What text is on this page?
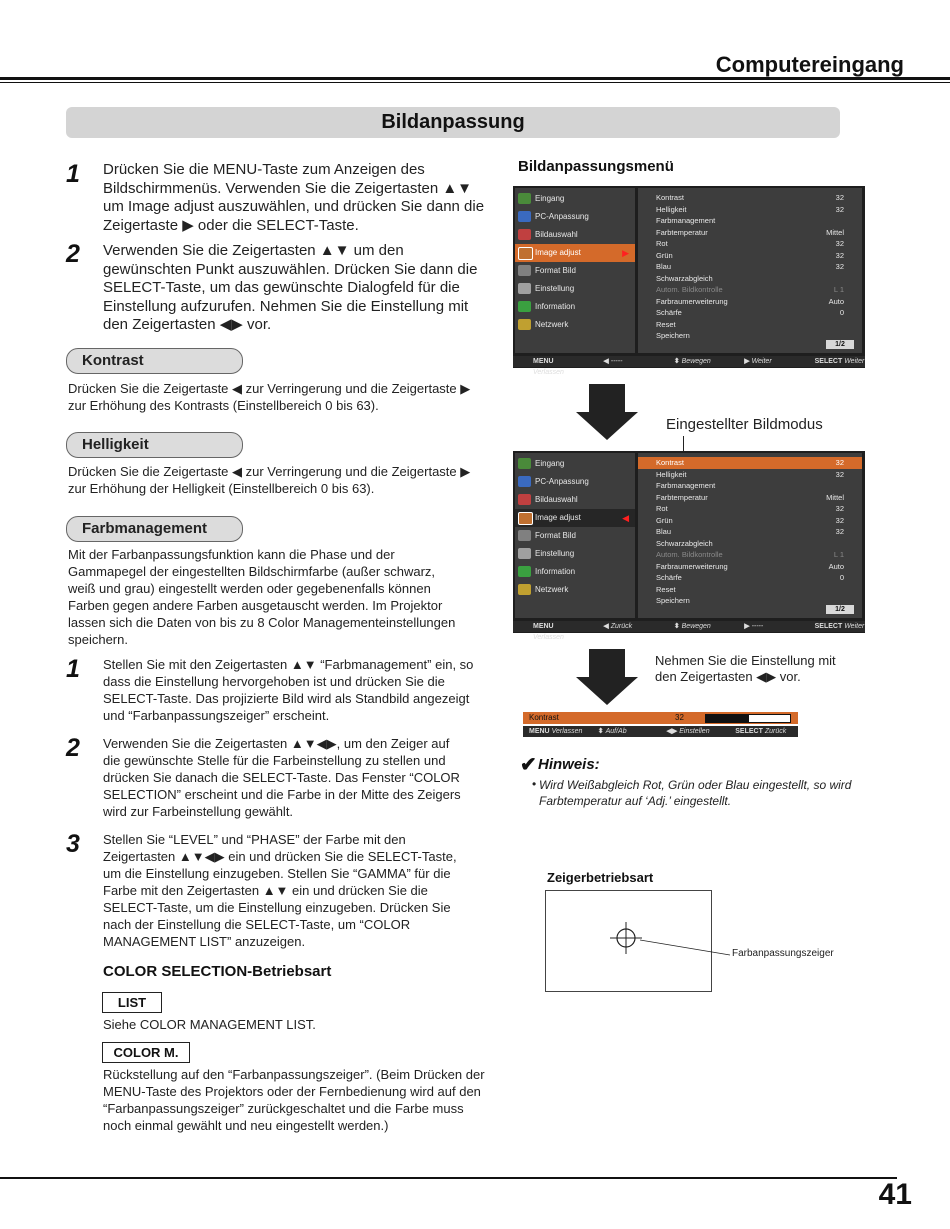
Computereingang
Bildanpassung
1 Drücken Sie die MENU-Taste zum Anzeigen des Bildschirmmenüs. Verwenden Sie die Zeigertasten ▲▼ um Image adjust auszuwählen, und drücken Sie dann die Zeigertaste ▶ oder die SELECT-Taste.
2 Verwenden Sie die Zeigertasten ▲▼ um den gewünschten Punkt auszuwählen. Drücken Sie dann die SELECT-Taste, um das gewünschte Dialogfeld für die Einstellung aufzurufen. Nehmen Sie die Einstellung mit den Zeigertasten ◀▶ vor.
Kontrast
Drücken Sie die Zeigertaste ◀ zur Verringerung und die Zeigertaste ▶ zur Erhöhung des Kontrasts (Einstellbereich 0 bis 63).
Helligkeit
Drücken Sie die Zeigertaste ◀ zur Verringerung und die Zeigertaste ▶ zur Erhöhung der Helligkeit (Einstellbereich 0 bis 63).
Farbmanagement
Mit der Farbanpassungsfunktion kann die Phase und der Gammapegel der eingestellten Bildschirmfarbe (außer schwarz, weiß und grau) eingestellt werden oder gegebenenfalls können Farben gegen andere Farben ausgetauscht werden. Im Projektor lassen sich die Daten von bis zu 8 Color Managementeinstellungen speichern.
1 Stellen Sie mit den Zeigertasten ▲▼ “Farbmanagement” ein, so dass die Einstellung hervorgehoben ist und drücken Sie die SELECT-Taste. Das projizierte Bild wird als Standbild angezeigt und “Farbanpassungszeiger” erscheint.
2 Verwenden Sie die Zeigertasten ▲▼◀▶, um den Zeiger auf die gewünschte Stelle für die Farbeinstellung zu stellen und drücken Sie danach die SELECT-Taste. Das Fenster “COLOR SELECTION” erscheint und die Farbe in der Mitte des Zeigers wird zur Farbeinstellung gewählt.
3 Stellen Sie “LEVEL” und “PHASE” der Farbe mit den Zeigertasten ▲▼◀▶ ein und drücken Sie die SELECT-Taste, um die Einstellung einzugeben. Stellen Sie “GAMMA” für die Farbe mit den Zeigertasten ▲▼ ein und drücken Sie die SELECT-Taste, um die Einstellung einzugeben. Drücken Sie nach der Einstellung die SELECT-Taste, um “COLOR MANAGEMENT LIST” anzuzeigen.
COLOR SELECTION-Betriebsart
LIST
Siehe COLOR MANAGEMENT LIST.
COLOR M.
Rückstellung auf den “Farbanpassungszeiger”. (Beim Drücken der MENU-Taste des Projektors oder der Fernbedienung wird auf den “Farbanpassungszeiger” zurückgeschaltet und die Farbe muss noch einmal gewählt und neu eingestellt werden.)
Bildanpassungsmenü
Eingang
PC-Anpassung
Bildauswahl
Image adjust	▶
Format Bild
Einstellung
Information
Netzwerk
Kontrast	32
Helligkeit	32
Farbmanagement
Farbtemperatur	Mittel
Rot	32
Grün	32
Blau	32
Schwarzabgleich
Autom. Bildkontrolle	L 1
Farbraumerweiterung	Auto
Schärfe	0
Reset
Speichern
1/2
MENU Verlassen
◀ -----	⬍ Bewegen	▶ Weiter	SELECT Weiter
Eingestellter Bildmodus
Eingang
PC-Anpassung
Bildauswahl
Image adjust	◀
Format Bild
Einstellung
Information
Netzwerk
Kontrast	32
Helligkeit	32
Farbmanagement
Farbtemperatur	Mittel
Rot	32
Grün	32
Blau	32
Schwarzabgleich
Autom. Bildkontrolle	L 1
Farbraumerweiterung	Auto
Schärfe	0
Reset
Speichern
1/2
MENU Verlassen
◀ Zurück	⬍ Bewegen	▶ -----	SELECT Weiter
Nehmen Sie die Einstellung mit den Zeigertasten ◀▶ vor.
Kontrast	32
MENU Verlassen	⬍ Auf/Ab	◀▶ Einstellen	SELECT Zurück
✔ Hinweis:
• Wird Weißabgleich Rot, Grün oder Blau eingestellt, so wird Farbtemperatur auf ‘Adj.’ eingestellt.
Zeigerbetriebsart
Farbanpassungszeiger
41
